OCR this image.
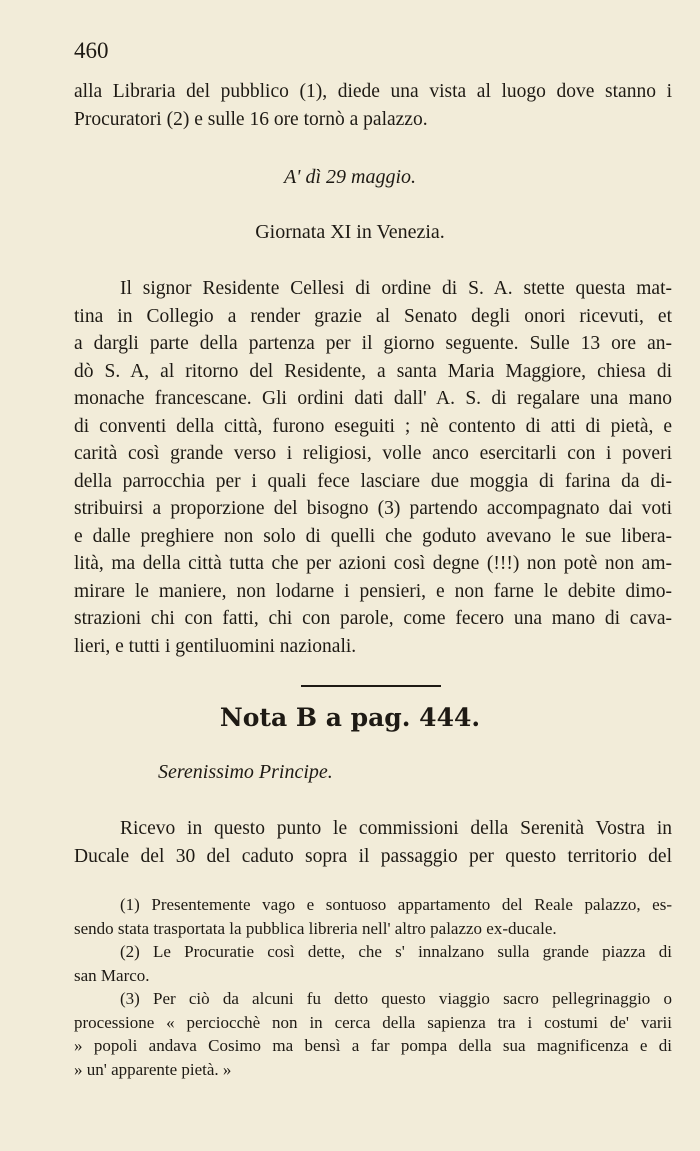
460

alla Libraria del pubblico (1), diede una vista al luogo dove stanno i

Procuratori (2) e sulle 16 ore tornò a palazzo.

A' dì 29 maggio.
Giornata XI in Venezia.

Il signor Residente Cellesi di ordine di S. A. stette questa mat-

tina in Collegio a render grazie al Senato degli onori ricevuti, et

a dargli parte della partenza per il giorno seguente. Sulle 13 ore an-

dò S. A, al ritorno del Residente, a santa Maria Maggiore, chiesa di

monache francescane. Gli ordini dati dall' A. S. di regalare una mano

di conventi della città, furono eseguiti ; nè contento di atti di pietà, e

carità così grande verso i religiosi, volle anco esercitarli con i poveri

della parrocchia per i quali fece lasciare due moggia di farina da di-

stribuirsi a proporzione del bisogno (3) partendo accompagnato dai voti

e dalle preghiere non solo di quelli che goduto avevano le sue libera-

lità, ma della città tutta che per azioni così degne (!!!) non potè non am-

mirare le maniere, non lodarne i pensieri, e non farne le debite dimo-

strazioni chi con fatti, chi con parole, come fecero una mano di cava-

lieri, e tutti i gentiluomini nazionali.

Nota B a pag. 444.
Serenissimo Principe.

Ricevo in questo punto le commissioni della Serenità Vostra in

Ducale del 30 del caduto sopra il passaggio per questo territorio del

(1) Presentemente vago e sontuoso appartamento del Reale palazzo, es-

sendo stata trasportata la pubblica libreria nell' altro palazzo ex-ducale.

(2) Le Procuratie così dette, che s' innalzano sulla grande piazza di

san Marco.

(3) Per ciò da alcuni fu detto questo viaggio sacro pellegrinaggio o

processione « perciocchè non in cerca della sapienza tra i costumi de' varii

» popoli andava Cosimo ma bensì a far pompa della sua magnificenza e di

» un' apparente pietà. »
